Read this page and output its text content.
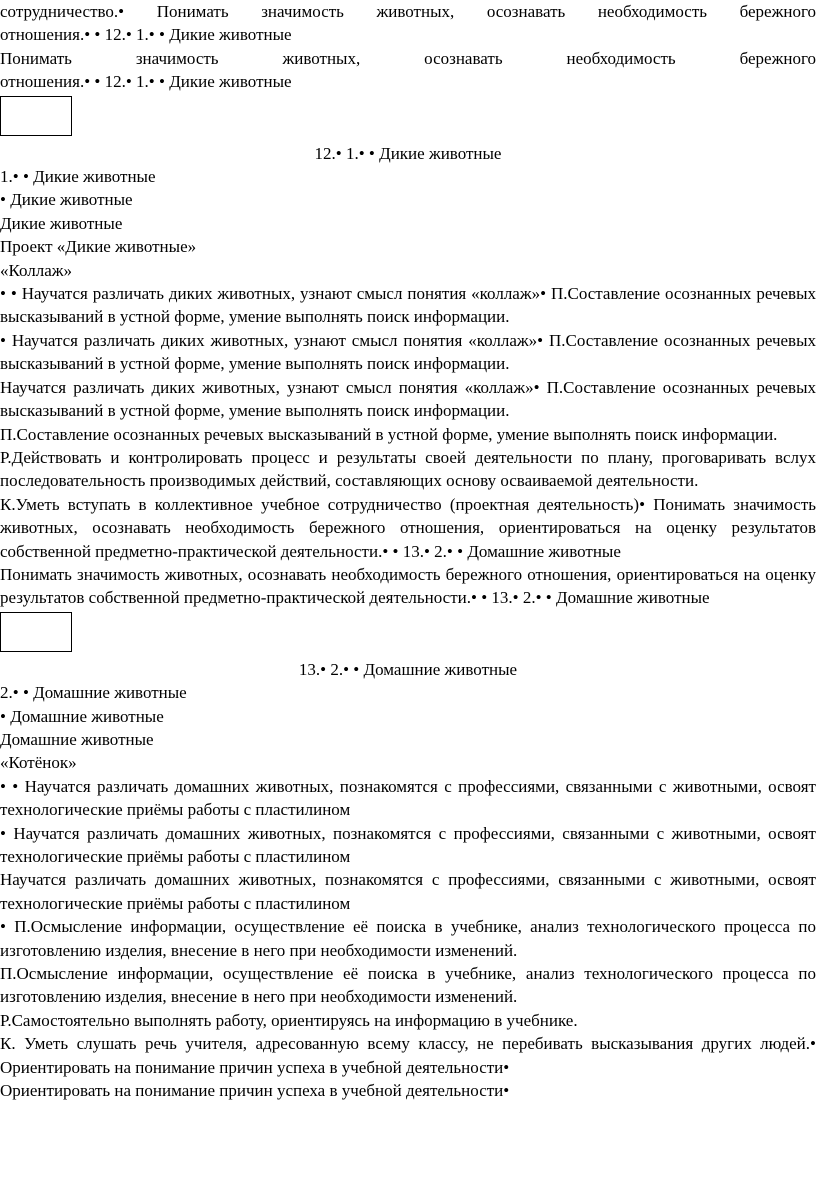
сотрудничество.• Понимать значимость животных, осознавать необходимость бережного

отношения.• • 12.• 1.• • Дикие животные

Понимать значимость животных, осознавать необходимость бережного

отношения.• • 12.• 1.• • Дикие животные

12.• 1.• • Дикие животные

1.• • Дикие животные

• Дикие животные

Дикие животные

Проект «Дикие животные»

«Коллаж»

• • Научатся различать диких животных, узнают смысл понятия «коллаж»• П.Составление осознанных речевых высказываний в устной форме, умение выполнять поиск информации.

• Научатся различать диких животных, узнают смысл понятия «коллаж»• П.Составление осознанных речевых высказываний в устной форме, умение выполнять поиск информации.

Научатся различать диких животных, узнают смысл понятия «коллаж»• П.Составление осознанных речевых высказываний в устной форме, умение выполнять поиск информации.

П.Составление осознанных речевых высказываний в устной форме, умение выполнять поиск информации.

Р.Действовать и контролировать процесс и результаты своей деятельности по плану, проговаривать вслух последовательность производимых действий, составляющих основу осваиваемой деятельности.

К.Уметь вступать в коллективное учебное сотрудничество (проектная деятельность)• Понимать значимость животных, осознавать необходимость бережного отношения, ориентироваться на оценку результатов собственной предметно-практической деятельности.• • 13.• 2.• • Домашние животные

Понимать значимость животных, осознавать необходимость бережного отношения, ориентироваться на оценку результатов собственной предметно-практической деятельности.• • 13.• 2.• • Домашние животные

13.• 2.• • Домашние животные

2.• • Домашние животные

• Домашние животные

Домашние животные

«Котёнок»

• • Научатся различать домашних животных, познакомятся с профессиями, связанными с животными, освоят технологические приёмы работы с пластилином

• Научатся различать домашних животных, познакомятся с профессиями, связанными с животными, освоят технологические приёмы работы с пластилином

Научатся различать домашних животных, познакомятся с профессиями, связанными с животными, освоят технологические приёмы работы с пластилином

• П.Осмысление информации, осуществление её поиска в учебнике, анализ технологического процесса по изготовлению изделия, внесение в него при необходимости изменений.

П.Осмысление информации, осуществление её поиска в учебнике, анализ технологического процесса по изготовлению изделия, внесение в него при необходимости изменений.

Р.Самостоятельно выполнять работу, ориентируясь на информацию в учебнике.

К. Уметь слушать речь учителя, адресованную всему классу, не перебивать высказывания других людей.• Ориентировать на понимание причин успеха в учебной деятельности•

Ориентировать на понимание причин успеха в учебной деятельности•
